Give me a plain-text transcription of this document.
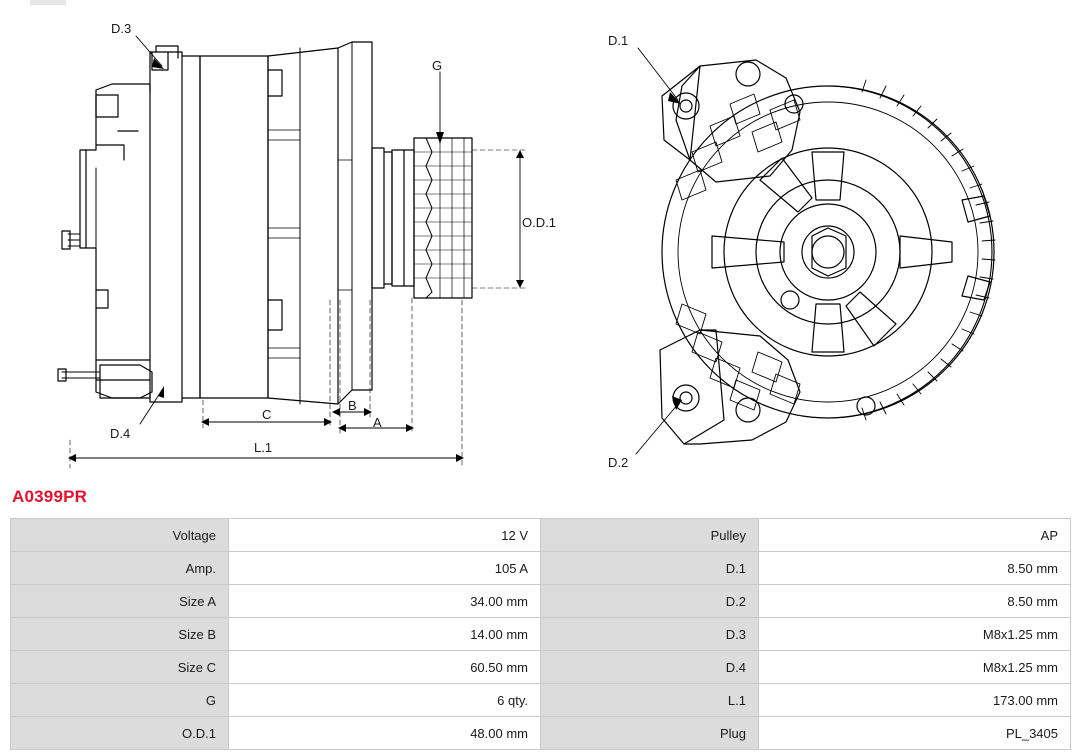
D.3
G
O.D.1
D.4
C
B
A
L.1
D.1
D.2
A0399PR
Voltage	12 V	Pulley	AP
Amp.	105 A	D.1	8.50 mm
Size A	34.00 mm	D.2	8.50 mm
Size B	14.00 mm	D.3	M8x1.25 mm
Size C	60.50 mm	D.4	M8x1.25 mm
G	6 qty.	L.1	173.00 mm
O.D.1	48.00 mm	Plug	PL_3405
